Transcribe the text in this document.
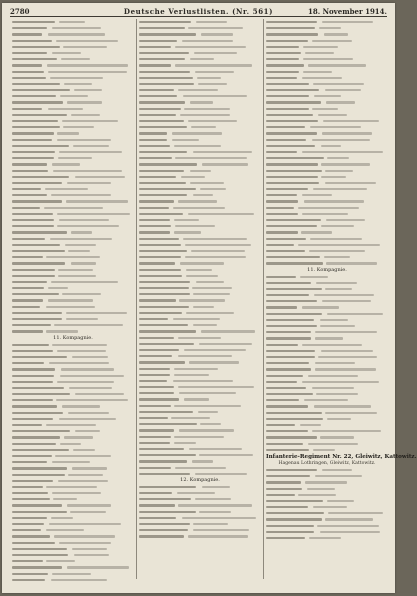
2780	Deutsche Verlustlisten. (Nr. 561)	18. November 1914.
11. Kompagnie.
12. Kompagnie.
11. Kompagnie.
Infanterie-Regiment Nr. 22, Gleiwitz, Kattowitz.
Hagenau Lothringen, Gleiwitz, Kattowitz.
